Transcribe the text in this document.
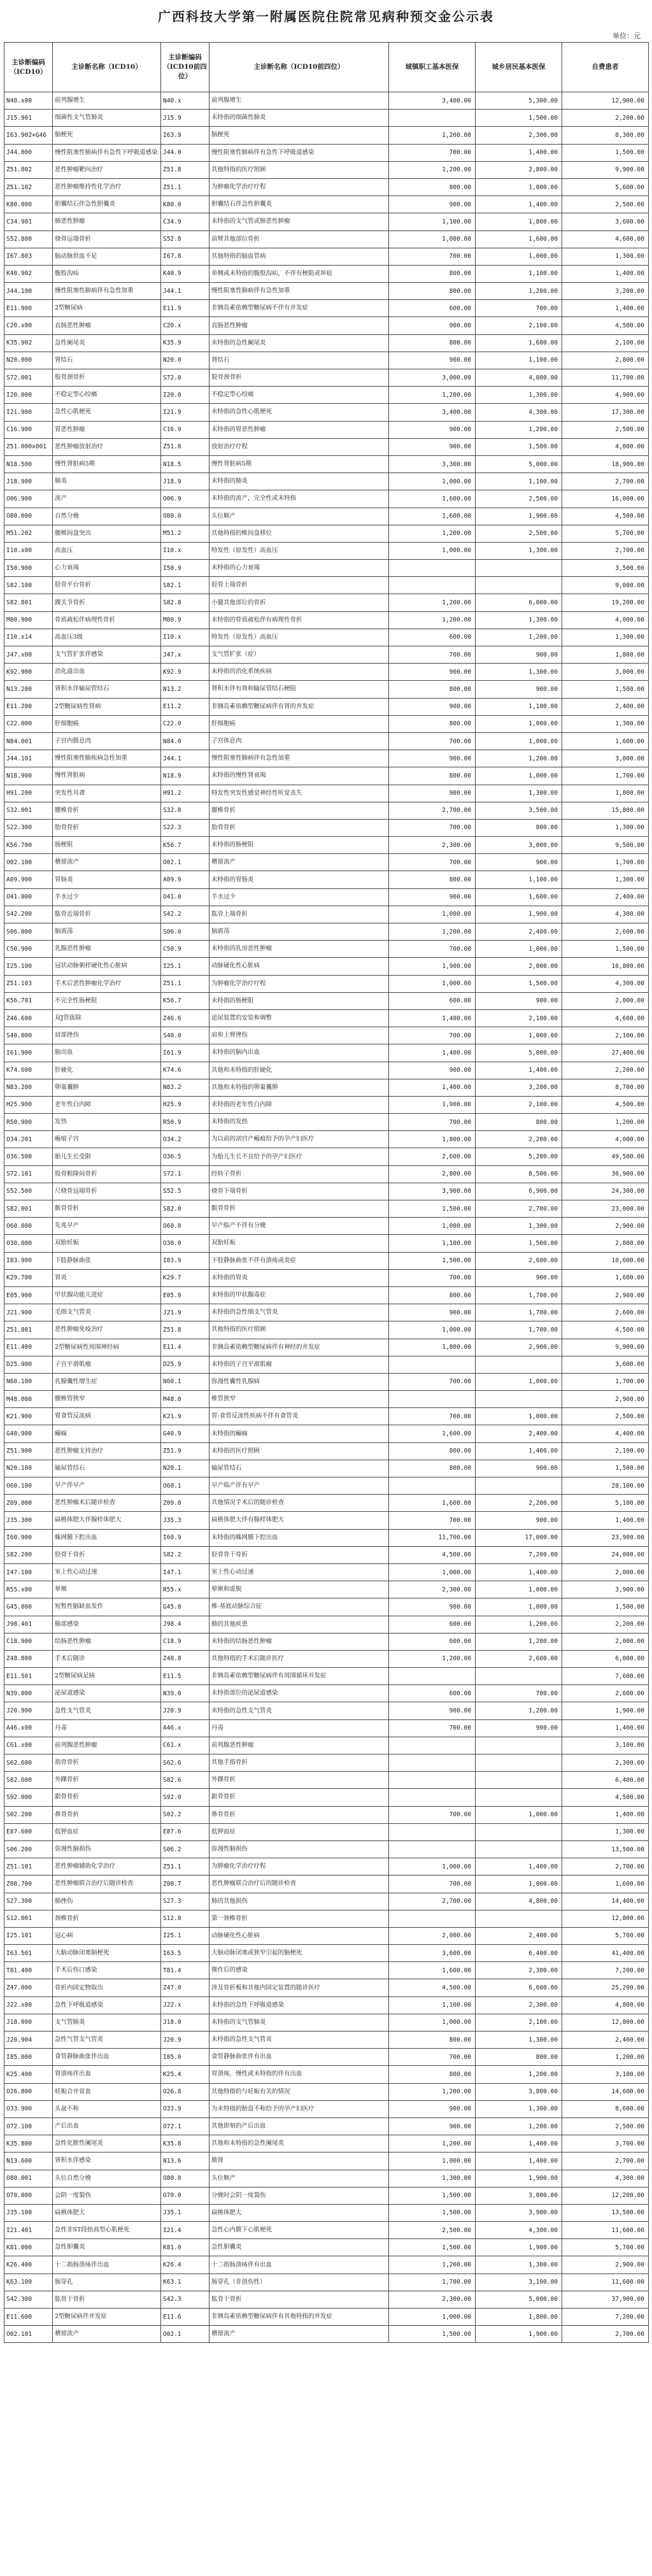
广西科技大学第一附属医院住院常见病种预交金公示表
单位：元
主诊断编码（ICD10）	主诊断名称（ICD10）	主诊断编码（ICD10前四位）	主诊断名称（ICD10前四位）	城镇职工基本医保	城乡居民基本医保	自费患者
N40.x00	前列腺增生	N40.x	前列腺增生	3,400.00	5,300.00	12,900.00
J15.901	细菌性支气管肺炎	J15.9	未特指的细菌性肺炎		1,500.00	2,200.00
I63.902+G46	脑梗死	I63.9	脑梗死	1,200.00	2,300.00	8,300.00
J44.000	慢性阻塞性肺病伴有急性下呼吸道感染	J44.0	慢性阻塞性肺病伴有急性下呼吸道感染	700.00	1,400.00	1,500.00
Z51.802	恶性肿瘤靶向治疗	Z51.8	其他特指的医疗照顾	1,200.00	2,800.00	9,900.00
Z51.102	恶性肿瘤维持性化学治疗	Z51.1	为肿瘤化学治疗疗程	800.00	1,000.00	5,600.00
K80.000	胆囊结石伴急性胆囊炎	K80.0	胆囊结石伴急性胆囊炎	900.00	1,400.00	2,500.00
C34.901	肺恶性肿瘤	C34.9	未特指的支气管或肺恶性肿瘤	1,100.00	1,800.00	3,600.00
S52.800	桡骨远端骨折	S52.8	前臂其他部位骨折	1,000.00	1,600.00	4,600.00
I67.803	脑动脉供血不足	I67.8	其他特指的脑血管病	700.00	1,000.00	1,300.00
K40.902	腹股沟疝	K40.9	单侧或未特指的腹股沟疝，不伴有梗阻或坏疽	800.00	1,100.00	1,400.00
J44.100	慢性阻塞性肺病伴有急性加重	J44.1	慢性阻塞性肺病伴有急性加重	800.00	1,200.00	3,200.00
E11.900	2型糖尿病	E11.9	非胰岛素依赖型糖尿病不伴有并发症	600.00	700.00	1,400.00
C20.x00	直肠恶性肿瘤	C20.x	直肠恶性肿瘤	900.00	2,100.00	4,500.00
K35.902	急性阑尾炎	K35.9	未特指的急性阑尾炎	800.00	1,600.00	2,100.00
N20.000	肾结石	N20.0	肾结石	900.00	1,100.00	2,800.00
S72.001	股骨颈骨折	S72.0	股骨颈骨折	3,000.00	4,000.00	11,700.00
I20.000	不稳定型心绞痛	I20.0	不稳定型心绞痛	1,200.00	1,300.00	4,900.00
I21.900	急性心肌梗死	I21.9	未特指的急性心肌梗死	3,400.00	4,300.00	17,300.00
C16.900	胃恶性肿瘤	C16.9	未特指的胃恶性肿瘤	900.00	1,200.00	2,500.00
Z51.000x001	恶性肿瘤放射治疗	Z51.0	放射治疗疗程	900.00	1,500.00	4,000.00
N18.500	慢性肾脏病5期	N18.5	慢性肾脏病5期	3,300.00	5,000.00	18,900.00
J18.900	肺炎	J18.9	未特指的肺炎	1,000.00	1,100.00	2,700.00
O06.900	流产	O06.9	未特指的流产，完全性或未特指	1,600.00	2,500.00	16,000.00
O80.000	自然分娩	O80.0	头位顺产	1,600.00	1,900.00	4,500.00
M51.202	腰椎间盘突出	M51.2	其他特指的椎间盘移位	1,200.00	2,500.00	5,700.00
I10.x00	高血压	I10.x	特发性（原发性）高血压	1,000.00	1,300.00	2,700.00
I50.900	心力衰竭	I50.9	未特指的心力衰竭			3,500.00
S82.100	胫骨平台骨折	S82.1	胫骨上端骨折			9,000.00
S82.801	踝关节骨折	S82.8	小腿其他部位的骨折	1,200.00	6,000.00	19,200.00
M80.900	骨质疏松伴病理性骨折	M80.9	未特指的骨质疏松伴有病理性骨折	1,200.00	1,300.00	4,000.00
I10.x14	高血压3级	I10.x	特发性（原发性）高血压	600.00	1,200.00	1,300.00
J47.x00	支气管扩张伴感染	J47.x	支气管扩张（症）	700.00	900.00	1,800.00
K92.900	消化道出血	K92.9	未特指的消化系统疾病	900.00	1,300.00	3,000.00
N13.200	肾积水伴输尿管结石	N13.2	肾积水伴有肾和输尿管结石梗阻	800.00	900.00	1,500.00
E11.200	2型糖尿病性肾病	E11.2	非胰岛素依赖型糖尿病伴有肾的并发症	900.00	1,100.00	2,400.00
C22.000	肝细胞癌	C22.0	肝细胞癌	800.00	1,000.00	1,300.00
N84.001	子宫内膜息肉	N84.0	子宫体息肉	700.00	1,000.00	1,600.00
J44.101	慢性阻塞性肺疾病急性加重	J44.1	慢性阻塞性肺病伴有急性加重	900.00	1,200.00	3,000.00
N18.900	慢性肾脏病	N18.9	未特指的慢性肾衰竭	800.00	1,000.00	1,700.00
H91.200	突发性耳聋	H91.2	特发性突发性感觉神经性听觉丧失	900.00	1,300.00	1,800.00
S32.001	腰椎骨折	S32.0	腰椎骨折	2,700.00	3,500.00	15,800.00
S22.300	肋骨骨折	S22.3	肋骨骨折	700.00	800.00	1,300.00
K56.700	肠梗阻	K56.7	未特指的肠梗阻	2,300.00	3,000.00	9,500.00
O02.100	稽留流产	O02.1	稽留流产	700.00	900.00	1,700.00
A09.900	胃肠炎	A09.9	未特指的胃肠炎	800.00	1,100.00	1,300.00
O41.000	羊水过少	O41.0	羊水过少	900.00	1,600.00	2,400.00
S42.200	肱骨近端骨折	S42.2	肱骨上端骨折	1,000.00	1,900.00	4,300.00
S06.000	脑震荡	S06.0	脑震荡	1,200.00	2,400.00	2,600.00
C50.900	乳腺恶性肿瘤	C50.9	未特指的乳房恶性肿瘤	700.00	1,000.00	1,500.00
I25.100	冠状动脉粥样硬化性心脏病	I25.1	动脉硬化性心脏病	1,900.00	2,000.00	16,800.00
Z51.103	手术后恶性肿瘤化学治疗	Z51.1	为肿瘤化学治疗疗程	1,000.00	1,500.00	4,300.00
K56.701	不完全性肠梗阻	K56.7	未特指的肠梗阻	600.00	900.00	2,000.00
Z46.600	双J管拔除	Z46.6	泌尿装置的安装和调整	1,400.00	2,100.00	4,600.00
S40.000	肩部挫伤	S40.0	肩和上臂挫伤	700.00	1,000.00	2,100.00
I61.900	脑出血	I61.9	未特指的脑内出血	1,400.00	5,000.00	27,400.00
K74.600	肝硬化	K74.6	其他和未特指的肝硬化	900.00	1,400.00	2,200.00
N83.200	卵巢囊肿	N83.2	其他和未特指的卵巢囊肿	1,400.00	3,200.00	8,700.00
H25.900	老年性白内障	H25.9	未特指的老年性白内障	1,900.00	2,100.00	4,500.00
R50.900	发热	R50.9	未特指的发热	700.00	800.00	1,200.00
O34.201	瘢痕子宫	O34.2	为以前的剖宫产瘢痕给予的孕产妇医疗	1,800.00	2,200.00	4,000.00
O36.500	胎儿生长受限	O36.5	为胎儿生长不良给予的孕产妇医疗	2,600.00	5,200.00	49,500.00
S72.101	股骨粗隆间骨折	S72.1	经转子骨折	2,800.00	8,500.00	36,900.00
S52.500	尺桡骨远端骨折	S52.5	桡骨下端骨折	3,900.00	6,900.00	24,300.00
S82.001	髌骨骨折	S82.0	髌骨骨折	1,500.00	2,700.00	23,000.00
O60.000	先兆早产	O60.0	早产临产不伴有分娩	1,000.00	1,300.00	2,900.00
O30.000	双胎妊娠	O30.0	双胎妊娠	1,100.00	1,500.00	2,800.00
I83.900	下肢静脉曲张	I83.9	下肢静脉曲张不伴有溃疡或炎症	1,500.00	2,600.00	10,600.00
K29.700	胃炎	K29.7	未特指的胃炎	700.00	900.00	1,600.00
E05.900	甲状腺功能亢进症	E05.9	未特指的甲状腺毒症	800.00	1,700.00	2,900.00
J21.900	毛细支气管炎	J21.9	未特指的急性细支气管炎	900.00	1,700.00	2,600.00
Z51.801	恶性肿瘤免疫治疗	Z51.8	其他特指的医疗照顾	1,000.00	1,700.00	4,500.00
E11.400	2型糖尿病性周围神经病	E11.4	非胰岛素依赖型糖尿病伴有神经的并发症	1,800.00	2,900.00	9,900.00
D25.900	子宫平滑肌瘤	D25.9	未特指的子宫平滑肌瘤			3,600.00
N60.100	乳腺囊性增生症	N60.1	弥漫性囊性乳腺病	700.00	1,000.00	1,700.00
M48.000	腰椎管狭窄	M48.0	椎管狭窄			2,900.00
K21.900	胃食管反流病	K21.9	胃-食管反流性疾病不伴有食管炎	700.00	1,000.00	2,500.00
G40.900	癫痫	G40.9	未特指的癫痫	1,600.00	2,400.00	4,400.00
Z51.900	恶性肿瘤支持治疗	Z51.9	未特指的医疗照顾	800.00	1,400.00	2,100.00
N20.100	输尿管结石	N20.1	输尿管结石	800.00	900.00	1,500.00
O60.100	早产伴早产	O60.1	早产临产伴有早产			28,100.00
Z09.000	恶性肿瘤术后随诊检查	Z09.0	其他情况手术后的随诊检查	1,600.00	2,200.00	5,100.00
J35.300	扁桃体肥大伴腺样体肥大	J35.3	扁桃体肥大伴有腺样体肥大	700.00	900.00	1,400.00
I60.900	蛛网膜下腔出血	I60.9	未特指的蛛网膜下腔出血	11,700.00	17,000.00	23,900.00
S82.200	胫骨干骨折	S82.2	胫骨骨干骨折	4,500.00	7,200.00	24,000.00
I47.100	室上性心动过速	I47.1	室上性心动过速	1,000.00	1,400.00	2,000.00
R55.x00	晕厥	R55.x	晕厥和虚脱	2,300.00	1,000.00	3,900.00
G45.000	短暂性脑缺血发作	G45.0	椎-基底动脉综合征	900.00	1,000.00	1,500.00
J98.401	肺部感染	J98.4	肺的其他疾患	600.00	1,200.00	2,200.00
C18.900	结肠恶性肿瘤	C18.9	未特指的结肠恶性肿瘤	600.00	1,200.00	2,000.00
Z48.800	手术后随诊	Z48.8	其他特指的手术后随诊医疗	1,200.00	2,600.00	6,000.00
E11.501	2型糖尿病足病	E11.5	非胰岛素依赖型糖尿病伴有周围循环并发症			7,600.00
N39.000	泌尿道感染	N39.0	未特指部位的泌尿道感染	600.00	700.00	2,600.00
J20.900	急性支气管炎	J20.9	未特指的急性支气管炎	900.00	1,200.00	1,900.00
A46.x00	丹毒	A46.x	丹毒	700.00	900.00	1,400.00
C61.x00	前列腺恶性肿瘤	C61.x	前列腺恶性肿瘤			3,100.00
S62.600	指骨骨折	S62.6	其他手指骨折			2,300.00
S82.600	外踝骨折	S82.6	外踝骨折			6,400.00
S92.000	跟骨骨折	S92.0	跟骨骨折			4,500.00
S02.200	鼻骨骨折	S02.2	鼻骨骨折	700.00	1,000.00	1,400.00
E87.600	低钾血症	E87.6	低钾血症			1,300.00
S06.200	弥漫性脑损伤	S06.2	弥漫性脑损伤			13,500.00
Z51.101	恶性肿瘤辅助化学治疗	Z51.1	为肿瘤化学治疗疗程	1,000.00	1,400.00	2,700.00
Z08.700	恶性肿瘤联合治疗后随诊检查	Z08.7	恶性肿瘤联合治疗后的随诊检查	700.00	1,000.00	1,600.00
S27.300	肺挫伤	S27.3	肺的其他损伤	2,700.00	4,800.00	14,400.00
S12.001	颈椎骨折	S12.0	第一颈椎骨折			12,800.00
I25.101	冠心病	I25.1	动脉硬化性心脏病	2,000.00	2,400.00	5,700.00
I63.501	大脑动脉闭塞脑梗死	I63.5	大脑动脉闭塞或狭窄引起的脑梗死	3,600.00	6,400.00	41,400.00
T81.400	手术后伤口感染	T81.4	操作后的感染	1,600.00	2,300.00	7,200.00
Z47.000	骨折内固定物取出	Z47.0	涉及骨折板和其他内固定装置的随诊医疗	4,500.00	6,600.00	25,200.00
J22.x00	急性下呼吸道感染	J22.x	未特指的急性下呼吸道感染	1,100.00	2,300.00	4,800.00
J18.000	支气管肺炎	J18.0	未特指的支气管肺炎	1,000.00	2,100.00	12,800.00
J20.904	急性气管支气管炎	J20.9	未特指的急性支气管炎	800.00	1,300.00	2,400.00
I85.000	食管静脉曲张伴出血	I85.0	食管静脉曲张伴有出血	700.00	800.00	1,200.00
K25.400	胃溃疡伴出血	K25.4	胃溃疡，慢性或未特指的伴有出血	800.00	1,200.00	3,100.00
O26.800	妊娠合并贫血	O26.8	其他特指的与妊娠有关的情况	1,200.00	3,800.00	14,600.00
O33.900	头盆不称	O33.9	为未特指的胎盘不称给予的孕产妇医疗	900.00	1,300.00	8,600.00
O72.100	产后出血	O72.1	其他即刻的产后出血	900.00	1,200.00	2,500.00
K35.800	急性化脓性阑尾炎	K35.8	其他和未特指的急性阑尾炎	1,200.00	1,400.00	3,700.00
N13.600	肾积水伴感染	N13.6	脓肾	1,000.00	1,400.00	2,700.00
O80.001	头位自然分娩	O80.0	头位顺产	1,300.00	1,900.00	4,300.00
O70.000	会阴一度裂伤	O70.0	分娩时会阴一度裂伤	1,500.00	3,000.00	12,200.00
J35.100	扁桃体肥大	J35.1	扁桃体肥大	1,500.00	3,900.00	13,500.00
I21.401	急性非ST段抬高型心肌梗死	I21.4	急性心内膜下心肌梗死	2,500.00	4,300.00	11,600.00
K81.000	急性胆囊炎	K81.0	急性胆囊炎	1,500.00	1,900.00	5,700.00
K26.400	十二指肠溃疡伴出血	K26.4	十二指肠溃疡伴有出血	1,200.00	1,300.00	2,900.00
K63.100	肠穿孔	K63.1	肠穿孔（非创伤性）	1,700.00	3,100.00	11,600.00
S42.300	肱骨干骨折	S42.3	肱骨干骨折	2,300.00	5,000.00	37,900.00
E11.600	2型糖尿病伴并发症	E11.6	非胰岛素依赖型糖尿病伴有其他特指的并发症	1,000.00	1,800.00	7,200.00
O02.101	稽留流产	O02.1	稽留流产	1,500.00	1,900.00	2,700.00
